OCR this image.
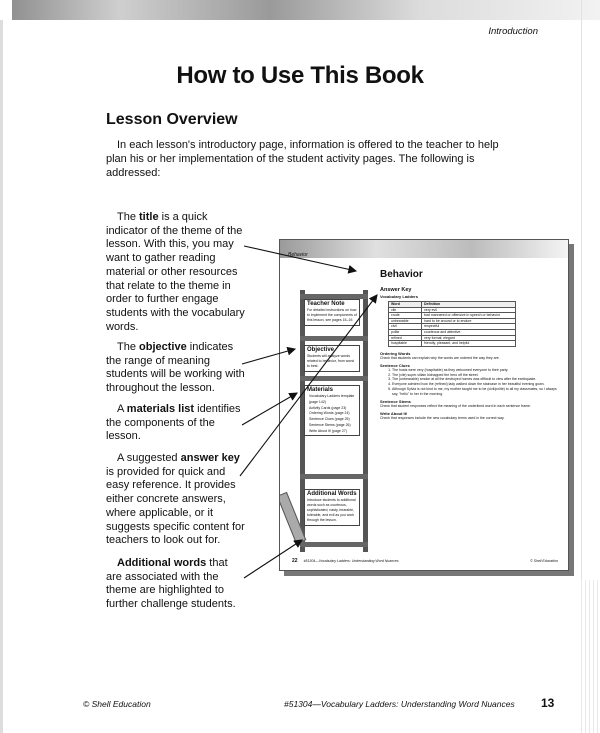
Introduction
How to Use This Book
Lesson Overview
In each lesson's introductory page, information is offered to the teacher to help plan his or her implementation of the student activity pages. The following is addressed:
The title is a quick indicator of the theme of the lesson. With this, you may want to gather reading material or other resources that relate to the theme in order to further engage students with the vocabulary words.
The objective indicates the range of meaning students will be working with throughout the lesson.
A materials list identifies the components of the lesson.
A suggested answer key is provided for quick and easy reference. It provides either concrete answers, where applicable, or it suggests specific content for teachers to look out for.
Additional words that are associated with the theme are highlighted to further challenge students.
Behavior
Behavior
Teacher Note
For detailed instructions on how to implement the components of this lesson, see pages 15–19.
Objective
Students will analyze words related to behavior, from worst to best.
Materials
Vocabulary Ladders template (page 142)
Activity Cards (page 23)
Ordering Words (page 24)
Sentence Clues (page 25)
Sentence Stems (page 26)
Write About It! (page 27)
Additional Words
Introduce students to additional words such as courteous, sophisticated, nasty, bearable, tolerable, and evil as you work through the lesson.
Answer Key
Vocabulary Ladders
Word	Definition
vile	very evil
crude	bad mannered or offensive in speech or behavior
unbearable	hard to be around or to endure
civil	respectful
polite	courteous and attentive
refined	very formal; elegant
hospitable	friendly, pleasant, and helpful
Ordering Words
Check that students can explain why the words are ordered the way they are.
Sentence Clues
1. The hosts were very (hospitable) as they welcomed everyone to their party.
2. The (vile) super-villain kidnapped the hero off the street.
3. The (unbearable) smoke at all the destroyed homes was difficult to view after the earthquake.
4. Everyone admired how the (refined) lady walked down the staircase in her beautiful evening gown.
5. Although Sylvia is not kind to me, my mother taught me to be (civil/polite) to all my classmates, so I always say, "hello" to her in the morning.
Sentence Stems
Check that student responses reflect the meaning of the underlined word in each sentence frame.
Write About It!
Check that responses include the new vocabulary terms used in the correct way.
22 #51304—Vocabulary Ladders: Understanding Word Nuances	© Shell Education
© Shell Education	#51304—Vocabulary Ladders: Understanding Word Nuances 13
